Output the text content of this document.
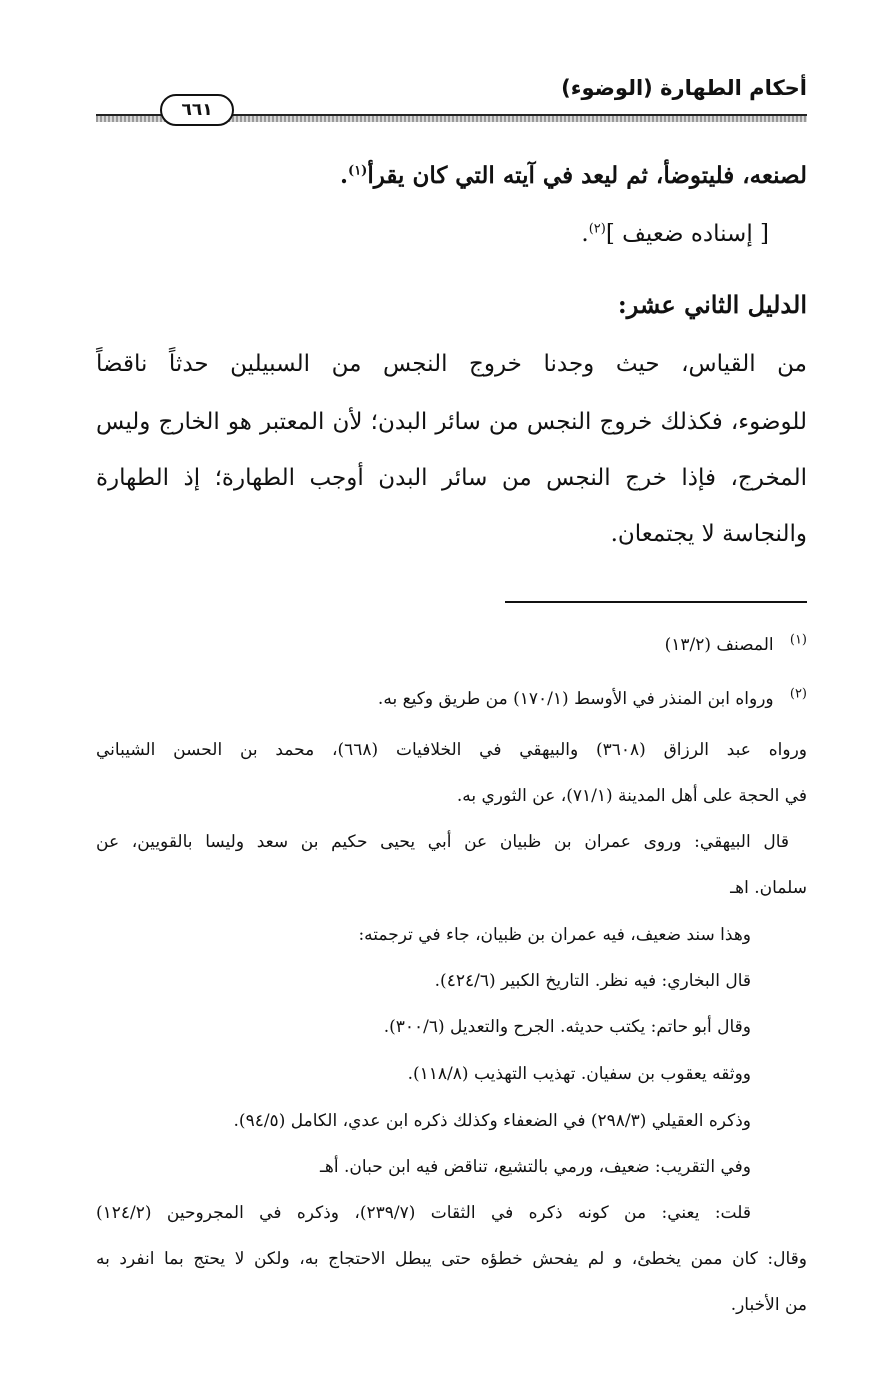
أحكام الطهارة (الوضوء)
٦٦١
لصنعه، فليتوضأ، ثم ليعد في آيته التي كان يقرأ$^{(١)}$.
[ إسناده ضعيف ]$^{(٢)}$.
الدليل الثاني عشر:
من القياس، حيث وجدنا خروج النجس من السبيلين حدثاً ناقضاً
للوضوء، فكذلك خروج النجس من سائر البدن؛ لأن المعتبر هو الخارج وليس
المخرج، فإذا خرج النجس من سائر البدن أوجب الطهارة؛ إذ الطهارة
والنجاسة لا يجتمعان.
$^{(١)}$   المصنف (١٣/٢)
$^{(٢)}$   ورواه ابن المنذر في الأوسط (١٧٠/١) من طريق وكيع به.
ورواه عبد الرزاق (٣٦٠٨) والبيهقي في الخلافيات (٦٦٨)، محمد بن الحسن الشيباني
في الحجة على أهل المدينة (٧١/١)، عن الثوري به.
قال البيهقي: وروى عمران بن ظبيان عن أبي يحيى حكيم بن سعد وليسا بالقويين، عن
سلمان. اهـ
وهذا سند ضعيف، فيه عمران بن ظبيان، جاء في ترجمته:
قال البخاري: فيه نظر. التاريخ الكبير (٤٢٤/٦).
وقال أبو حاتم: يكتب حديثه. الجرح والتعديل (٣٠٠/٦).
ووثقه يعقوب بن سفيان. تهذيب التهذيب (١١٨/٨).
وذكره العقيلي (٢٩٨/٣) في الضعفاء وكذلك ذكره ابن عدي، الكامل (٩٤/٥).
وفي التقريب: ضعيف، ورمي بالتشيع، تناقض فيه ابن حبان. أهـ
قلت: يعني: من كونه ذكره في الثقات (٢٣٩/٧)، وذكره في المجروحين (١٢٤/٢)
وقال: كان ممن يخطئ، و لم يفحش خطؤه حتى يبطل الاحتجاج به، ولكن لا يحتج بما انفرد به
من الأخبار.
